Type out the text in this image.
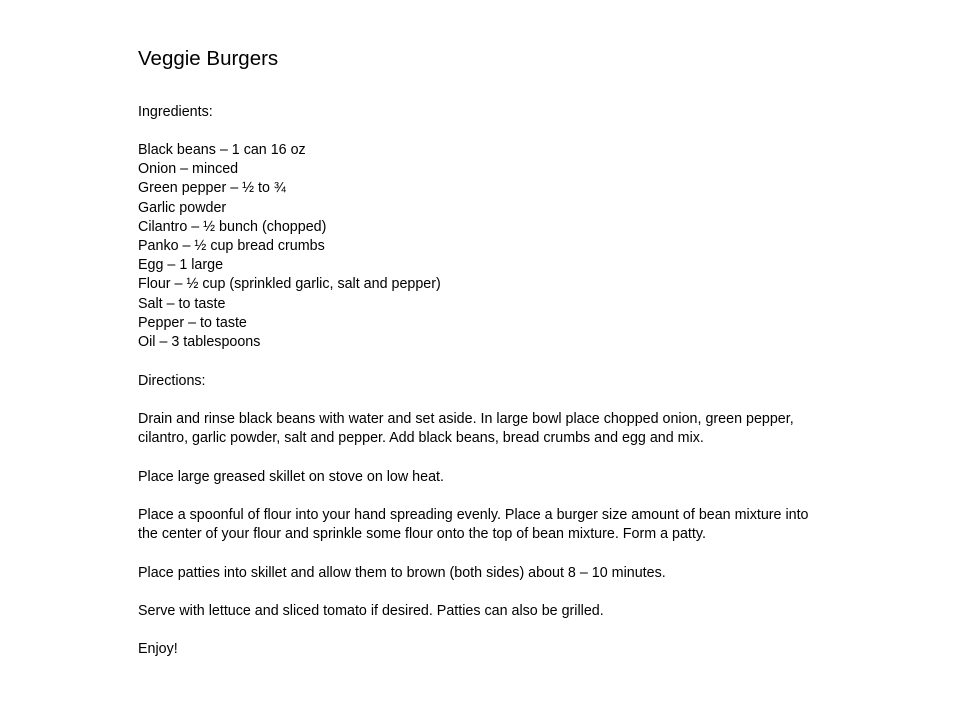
Veggie Burgers

Ingredients:

Black beans – 1 can 16 oz
Onion – minced
Green pepper – ½ to ¾
Garlic powder
Cilantro – ½ bunch (chopped)
Panko – ½ cup bread crumbs
Egg – 1 large
Flour – ½ cup (sprinkled garlic, salt and pepper)
Salt – to taste
Pepper – to taste
Oil – 3 tablespoons

Directions:

Drain and rinse black beans with water and set aside. In large bowl place chopped onion, green pepper,
cilantro, garlic powder, salt and pepper. Add black beans, bread crumbs and egg and mix.

Place large greased skillet on stove on low heat.

Place a spoonful of flour into your hand spreading evenly. Place a burger size amount of bean mixture into
the center of your flour and sprinkle some flour onto the top of bean mixture. Form a patty.

Place patties into skillet and allow them to brown (both sides) about 8 – 10 minutes.

Serve with lettuce and sliced tomato if desired. Patties can also be grilled.

Enjoy!
